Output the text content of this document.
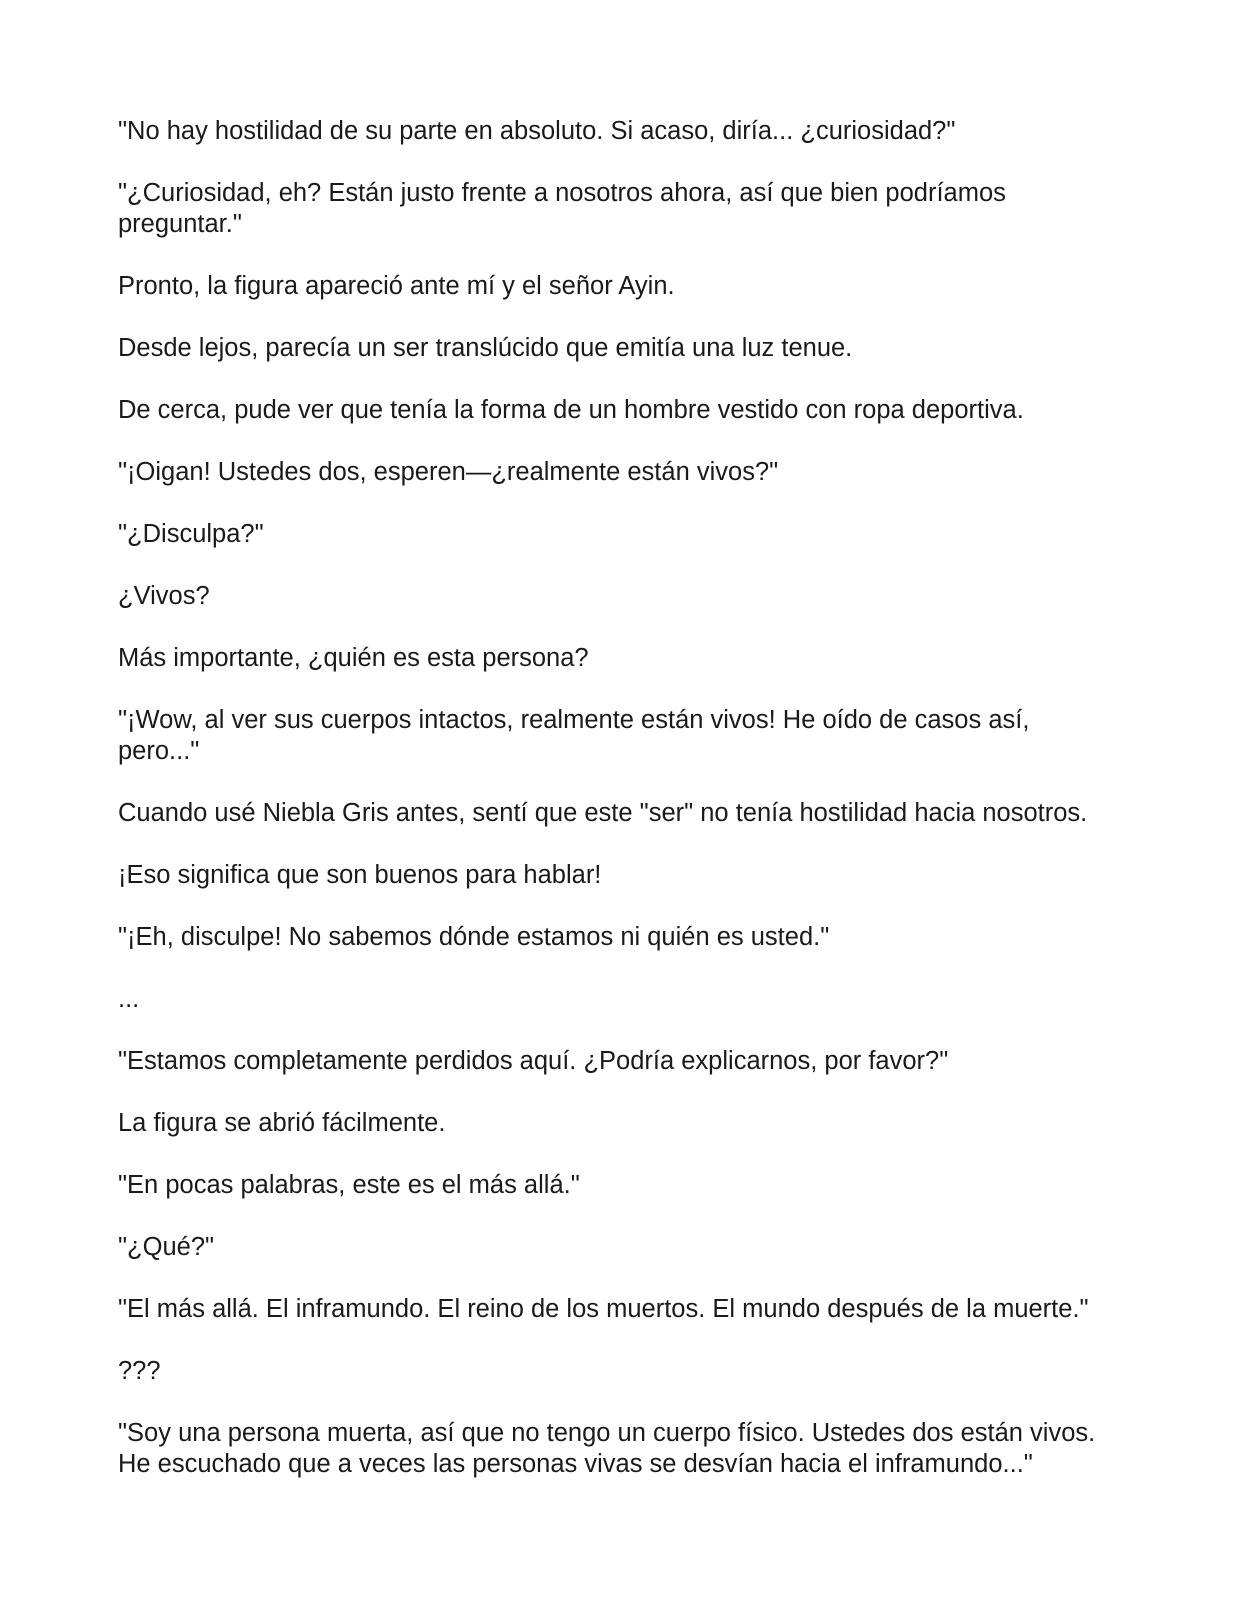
"No hay hostilidad de su parte en absoluto. Si acaso, diría... ¿curiosidad?"

"¿Curiosidad, eh? Están justo frente a nosotros ahora, así que bien podríamos preguntar."

Pronto, la figura apareció ante mí y el señor Ayin.

Desde lejos, parecía un ser translúcido que emitía una luz tenue.

De cerca, pude ver que tenía la forma de un hombre vestido con ropa deportiva.

"¡Oigan! Ustedes dos, esperen—¿realmente están vivos?"

"¿Disculpa?"

¿Vivos?

Más importante, ¿quién es esta persona?

"¡Wow, al ver sus cuerpos intactos, realmente están vivos! He oído de casos así, pero..."

Cuando usé Niebla Gris antes, sentí que este "ser" no tenía hostilidad hacia nosotros.

¡Eso significa que son buenos para hablar!

"¡Eh, disculpe! No sabemos dónde estamos ni quién es usted."

...

"Estamos completamente perdidos aquí. ¿Podría explicarnos, por favor?"

La figura se abrió fácilmente.

"En pocas palabras, este es el más allá."

"¿Qué?"

"El más allá. El inframundo. El reino de los muertos. El mundo después de la muerte."

???

"Soy una persona muerta, así que no tengo un cuerpo físico. Ustedes dos están vivos. He escuchado que a veces las personas vivas se desvían hacia el inframundo..."
